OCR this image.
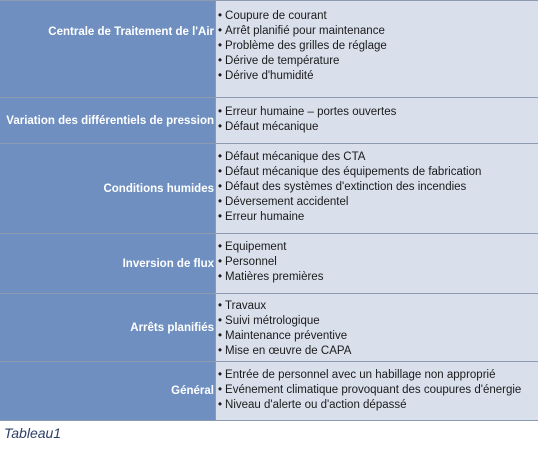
Centrale de Traitement de l'Air
• Coupure de courant
• Arrêt planifié pour maintenance
• Problème des grilles de réglage
• Dérive de température
• Dérive d'humidité
Variation des différentiels de pression
• Erreur humaine – portes ouvertes
• Défaut mécanique
Conditions humides
• Défaut mécanique des CTA
• Défaut mécanique des équipements de fabrication
• Défaut des systèmes d'extinction des incendies
• Déversement accidentel
• Erreur humaine
Inversion de flux
• Equipement
• Personnel
• Matières premières
Arrêts planifiés
• Travaux
• Suivi métrologique
• Maintenance préventive
• Mise en œuvre de CAPA
Général
• Entrée de personnel avec un habillage non approprié
• Evénement climatique provoquant des coupures d'énergie
• Niveau d'alerte ou d'action dépassé
Tableau1
